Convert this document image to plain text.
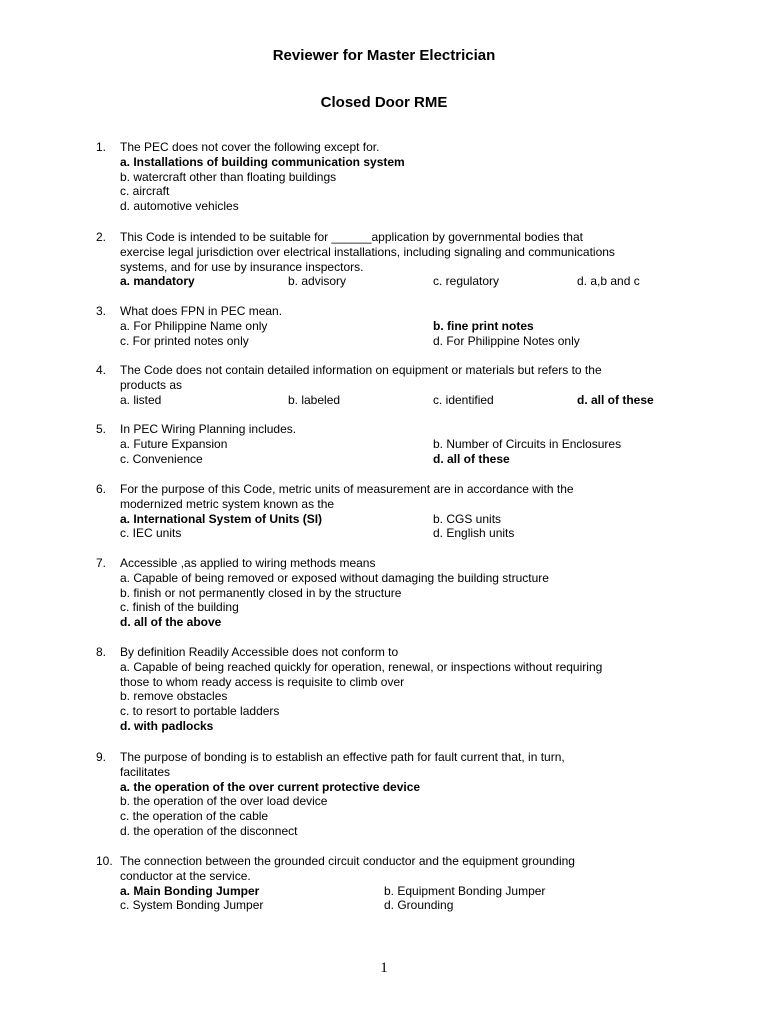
Reviewer for Master Electrician
Closed Door RME
1. The PEC does not cover the following except for.
a. Installations of building communication system
b. watercraft other than floating buildings
c. aircraft
d. automotive vehicles
2. This Code is intended to be suitable for ______application by governmental bodies that
exercise legal jurisdiction over electrical installations, including signaling and communications
systems, and for use by insurance inspectors.
a. mandatory	b. advisory	c. regulatory	d. a,b and c
3. What does FPN in PEC mean.
a. For Philippine Name only	b. fine print notes
c. For printed notes only	d. For Philippine Notes only
4. The Code does not contain detailed information on equipment or materials but refers to the
products as
a. listed	b. labeled	c. identified	d. all of these
5. In PEC Wiring Planning includes.
a. Future Expansion	b. Number of Circuits in Enclosures
c. Convenience	d. all of these
6. For the purpose of this Code, metric units of measurement are in accordance with the
modernized metric system known as the
a. International System of Units (SI)	b. CGS units
c. IEC units	d. English units
7. Accessible ,as applied to wiring methods means
a. Capable of being removed or exposed without damaging the building structure
b. finish or not permanently closed in by the structure
c. finish of the building
d. all of the above
8. By definition Readily Accessible does not conform to
a. Capable of being reached quickly for operation, renewal, or inspections without requiring
those to whom ready access is requisite to climb over
b. remove obstacles
c. to resort to portable ladders
d. with padlocks
9. The purpose of bonding is to establish an effective path for fault current that, in turn,
facilitates
a. the operation of the over current protective device
b. the operation of the over load device
c. the operation of the cable
d. the operation of the disconnect
10. The connection between the grounded circuit conductor and the equipment grounding
conductor at the service.
a. Main Bonding Jumper	b. Equipment Bonding Jumper
c. System Bonding Jumper	d. Grounding
1
